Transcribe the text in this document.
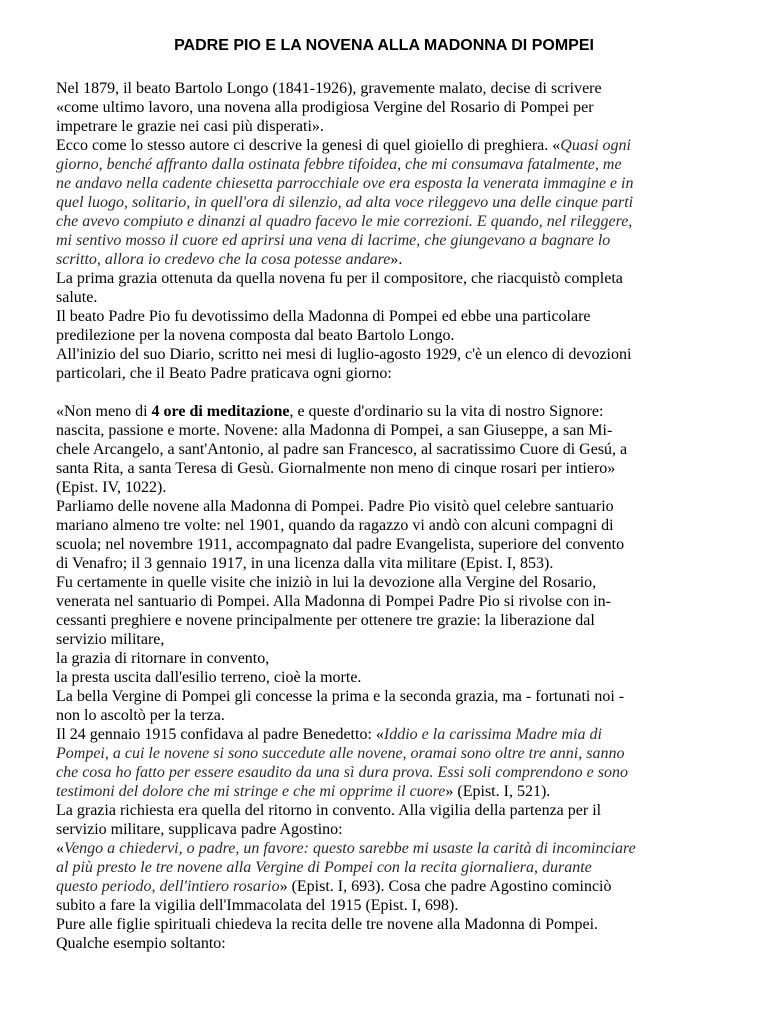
PADRE PIO E LA NOVENA ALLA MADONNA DI POMPEI
Nel 1879, il beato Bartolo Longo (1841-1926), gravemente malato, decise di scrivere
«come ultimo lavoro, una novena alla prodigiosa Vergine del Rosario di Pompei per
impetrare le grazie nei casi più disperati».
Ecco come lo stesso autore ci descrive la genesi di quel gioiello di preghiera. «Quasi ogni
giorno, benché affranto dalla ostinata febbre tifoidea, che mi consumava fatalmente, me
ne andavo nella cadente chiesetta parrocchiale ove era esposta la venerata immagine e in
quel luogo, solitario, in quell'ora di silenzio, ad alta voce rileggevo una delle cinque parti
che avevo compiuto e dinanzi al quadro facevo le mie correzioni. E quando, nel rileggere,
mi sentivo mosso il cuore ed aprirsi una vena di lacrime, che giungevano a bagnare lo
scritto, allora io credevo che la cosa potesse andare».
La prima grazia ottenuta da quella novena fu per il compositore, che riacquistò completa
salute.
Il beato Padre Pio fu devotissimo della Madonna di Pompei ed ebbe una particolare
predilezione per la novena composta dal beato Bartolo Longo.
All'inizio del suo Diario, scritto nei mesi di luglio-agosto 1929, c'è un elenco di devozioni
particolari, che il Beato Padre praticava ogni giorno:
«Non meno di 4 ore di meditazione, e queste d'ordinario su la vita di nostro Signore:
nascita, passione e morte. Novene: alla Madonna di Pompei, a san Giuseppe, a san Mi-
chele Arcangelo, a sant'Antonio, al padre san Francesco, al sacratissimo Cuore di Gesú, a
santa Rita, a santa Teresa di Gesù. Giornalmente non meno di cinque rosari per intiero»
(Epist. IV, 1022).
Parliamo delle novene alla Madonna di Pompei. Padre Pio visitò quel celebre santuario
mariano almeno tre volte: nel 1901, quando da ragazzo vi andò con alcuni compagni di
scuola; nel novembre 1911, accompagnato dal padre Evangelista, superiore del convento
di Venafro; il 3 gennaio 1917, in una licenza dalla vita militare (Epist. I, 853).
Fu certamente in quelle visite che iniziò in lui la devozione alla Vergine del Rosario,
venerata nel santuario di Pompei. Alla Madonna di Pompei Padre Pio si rivolse con in-
cessanti preghiere e novene principalmente per ottenere tre grazie: la liberazione dal
servizio militare,
la grazia di ritornare in convento,
la presta uscita dall'esilio terreno, cioè la morte.
La bella Vergine di Pompei gli concesse la prima e la seconda grazia, ma - fortunati noi -
non lo ascoltò per la terza.
Il 24 gennaio 1915 confidava al padre Benedetto: «Iddio e la carissima Madre mia di
Pompei, a cui le novene si sono succedute alle novene, oramai sono oltre tre anni, sanno
che cosa ho fatto per essere esaudito da una sì dura prova. Essi soli comprendono e sono
testimoni del dolore che mi stringe e che mi opprime il cuore» (Epist. I, 521).
La grazia richiesta era quella del ritorno in convento. Alla vigilia della partenza per il
servizio militare, supplicava padre Agostino:
«Vengo a chiedervi, o padre, un favore: questo sarebbe mi usaste la carità di incominciare
al più presto le tre novene alla Vergine di Pompei con la recita giornaliera, durante
questo periodo, dell'intiero rosario» (Epist. I, 693). Cosa che padre Agostino cominciò
subito a fare la vigilia dell'Immacolata del 1915 (Epist. I, 698).
Pure alle figlie spirituali chiedeva la recita delle tre novene alla Madonna di Pompei.
Qualche esempio soltanto:
